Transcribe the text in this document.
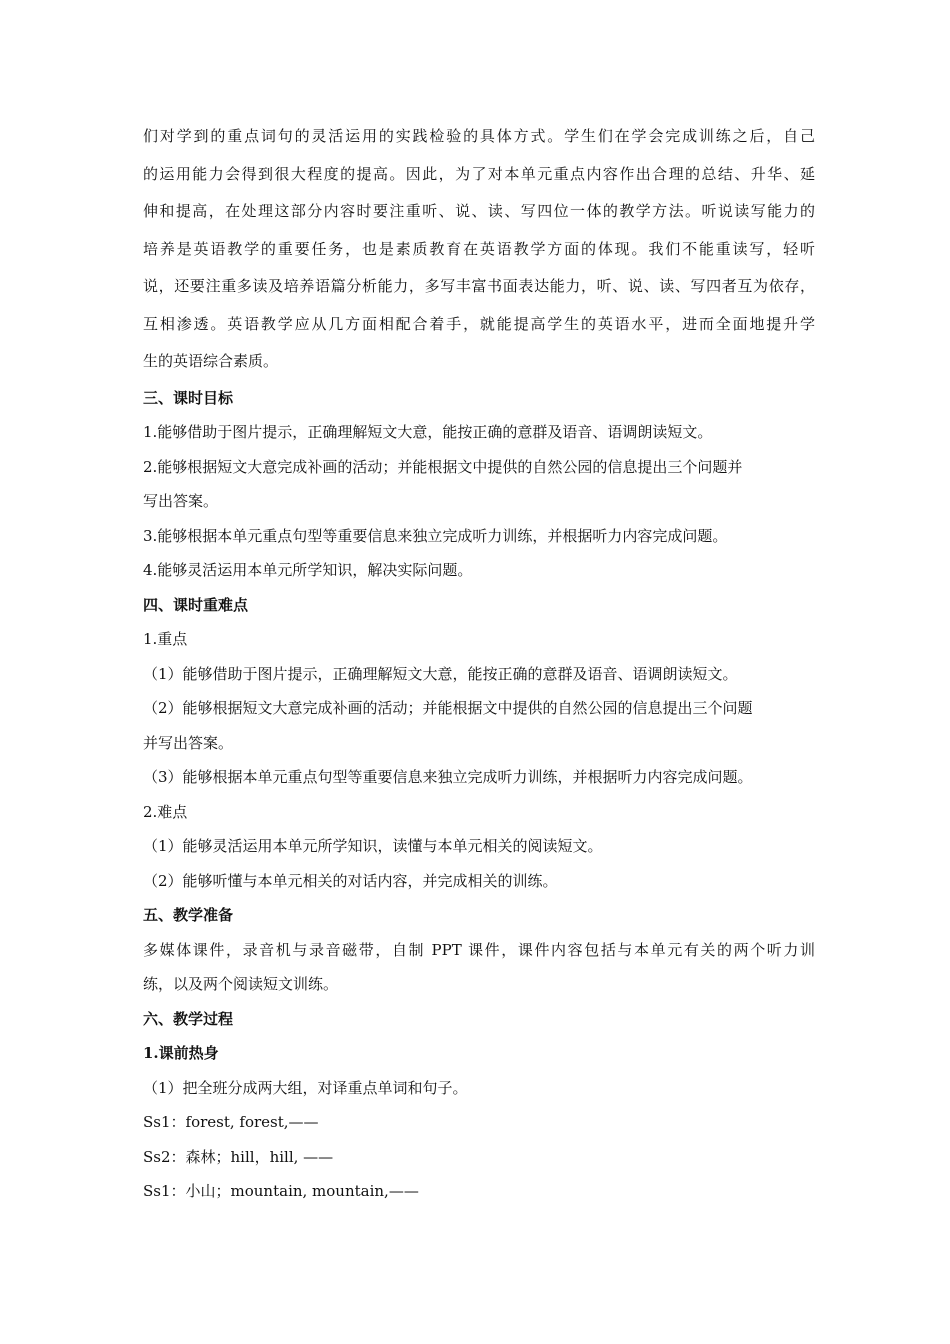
们对学到的重点词句的灵活运用的实践检验的具体方式。学生们在学会完成训练之后，自己
的运用能力会得到很大程度的提高。因此，为了对本单元重点内容作出合理的总结、升华、延
伸和提高，在处理这部分内容时要注重听、说、读、写四位一体的教学方法。听说读写能力的
培养是英语教学的重要任务，也是素质教育在英语教学方面的体现。我们不能重读写，轻听
说，还要注重多读及培养语篇分析能力，多写丰富书面表达能力，听、说、读、写四者互为依存，
互相渗透。英语教学应从几方面相配合着手，就能提高学生的英语水平，进而全面地提升学
生的英语综合素质。
三、课时目标
1.能够借助于图片提示，正确理解短文大意，能按正确的意群及语音、语调朗读短文。
2.能够根据短文大意完成补画的活动；并能根据文中提供的自然公园的信息提出三个问题并
写出答案。
3.能够根据本单元重点句型等重要信息来独立完成听力训练，并根据听力内容完成问题。
4.能够灵活运用本单元所学知识，解决实际问题。
四、课时重难点
1.重点
（1）能够借助于图片提示，正确理解短文大意，能按正确的意群及语音、语调朗读短文。
（2）能够根据短文大意完成补画的活动；并能根据文中提供的自然公园的信息提出三个问题
并写出答案。
（3）能够根据本单元重点句型等重要信息来独立完成听力训练，并根据听力内容完成问题。
2.难点
（1）能够灵活运用本单元所学知识，读懂与本单元相关的阅读短文。
（2）能够听懂与本单元相关的对话内容，并完成相关的训练。
五、教学准备
多媒体课件，录音机与录音磁带，自制 PPT 课件，课件内容包括与本单元有关的两个听力训
练，以及两个阅读短文训练。
六、教学过程
1.课前热身
（1）把全班分成两大组，对译重点单词和句子。
Ss1：forest, forest,——
Ss2：森林；hill，hill, ——
Ss1：小山；mountain, mountain,——
